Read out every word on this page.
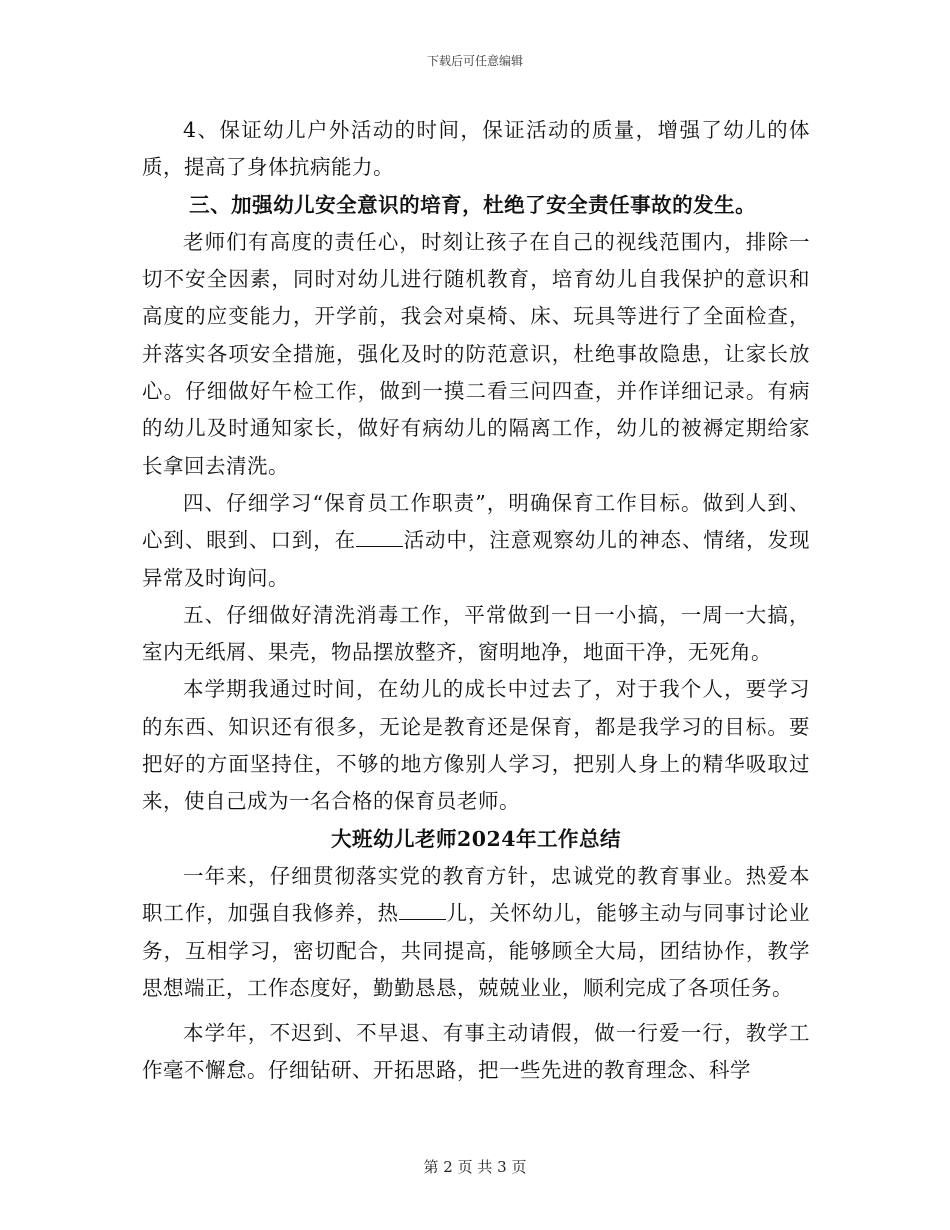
下载后可任意编辑

4、保证幼儿户外活动的时间，保证活动的质量，增强了幼儿的体质，提高了身体抗病能力。

三、加强幼儿安全意识的培育，杜绝了安全责任事故的发生。

老师们有高度的责任心，时刻让孩子在自己的视线范围内，排除一切不安全因素，同时对幼儿进行随机教育，培育幼儿自我保护的意识和高度的应变能力，开学前，我会对桌椅、床、玩具等进行了全面检查，并落实各项安全措施，强化及时的防范意识，杜绝事故隐患，让家长放心。仔细做好午检工作，做到一摸二看三问四查，并作详细记录。有病的幼儿及时通知家长，做好有病幼儿的隔离工作，幼儿的被褥定期给家长拿回去清洗。

四、仔细学习“保育员工作职责”，明确保育工作目标。做到人到、心到、眼到、口到，在 活动中，注意观察幼儿的神态、情绪，发现异常及时询问。

五、仔细做好清洗消毒工作，平常做到一日一小搞，一周一大搞，室内无纸屑、果壳，物品摆放整齐，窗明地净，地面干净，无死角。

本学期我通过时间，在幼儿的成长中过去了，对于我个人，要学习的东西、知识还有很多，无论是教育还是保育，都是我学习的目标。要把好的方面坚持住，不够的地方像别人学习，把别人身上的精华吸取过来，使自己成为一名合格的保育员老师。

大班幼儿老师2024年工作总结

一年来，仔细贯彻落实党的教育方针，忠诚党的教育事业。热爱本职工作，加强自我修养，热 儿，关怀幼儿，能够主动与同事讨论业务，互相学习，密切配合，共同提高，能够顾全大局，团结协作，教学思想端正，工作态度好，勤勤恳恳，兢兢业业，顺利完成了各项任务。

本学年，不迟到、不早退、有事主动请假，做一行爱一行，教学工作毫不懈怠。仔细钻研、开拓思路，把一些先进的教育理念、科学

第 2 页 共 3 页
